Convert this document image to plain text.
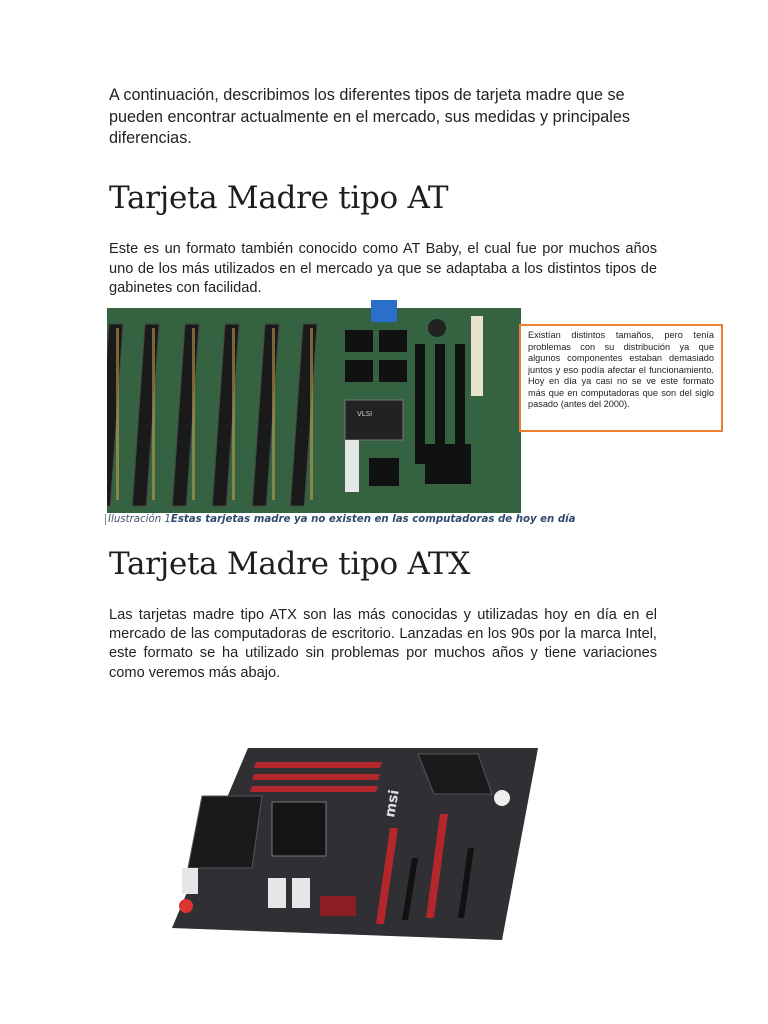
A continuación, describimos los diferentes tipos de tarjeta madre que se pueden encontrar actualmente en el mercado, sus medidas y principales diferencias.

Tarjeta Madre tipo AT

Este es un formato también conocido como AT Baby, el cual fue por muchos años uno de los más utilizados en el mercado ya que se adaptaba a los distintos tipos de gabinetes con facilidad.

VLSI

Ilustración 1Estas tarjetas madre ya no existen en las computadoras de hoy en día

Existían distintos tamaños, pero tenía problemas con su distribución ya que algunos componentes estaban demasiado juntos y eso podía afectar el funcionamiento. Hoy en día ya casi no se ve este formato más que en computadoras que son del siglo pasado (antes del 2000).
Tarjeta Madre tipo ATX

Las tarjetas madre tipo ATX son las más conocidas y utilizadas hoy en día en el mercado de las computadoras de escritorio. Lanzadas en los 90s por la marca Intel, este formato se ha utilizado sin problemas por muchos años y tiene variaciones como veremos más abajo.

msi
